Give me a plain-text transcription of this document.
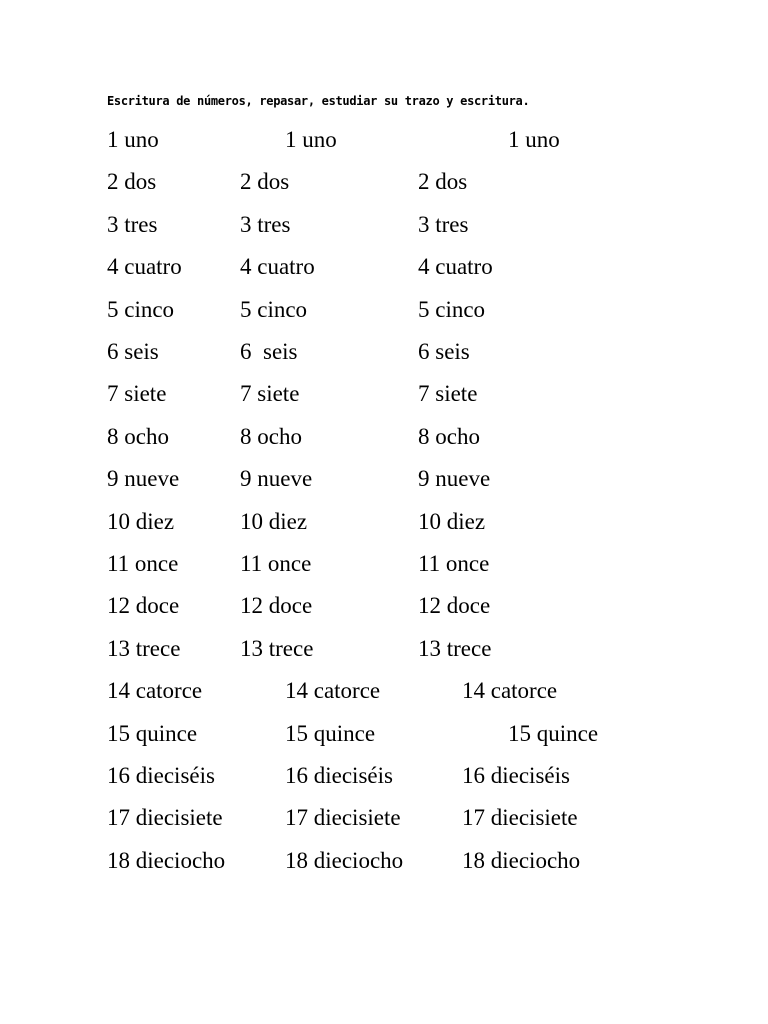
Escritura de números, repasar, estudiar su trazo y escritura.
1 uno	1 uno	1 uno
2 dos	2 dos	2 dos
3 tres	3 tres	3 tres
4 cuatro	4 cuatro	4 cuatro
5 cinco	5 cinco	5 cinco
6 seis	6  seis	6 seis
7 siete	7 siete	7 siete
8 ocho	8 ocho	8 ocho
9 nueve	9 nueve	9 nueve
10 diez	10 diez	10 diez
11 once	11 once	11 once
12 doce	12 doce	12 doce
13 trece	13 trece	13 trece
14 catorce	14 catorce	14 catorce
15 quince	15 quince	15 quince
16 dieciséis	16 dieciséis	16 dieciséis
17 diecisiete	17 diecisiete	17 diecisiete
18 dieciocho	18 dieciocho	18 dieciocho
